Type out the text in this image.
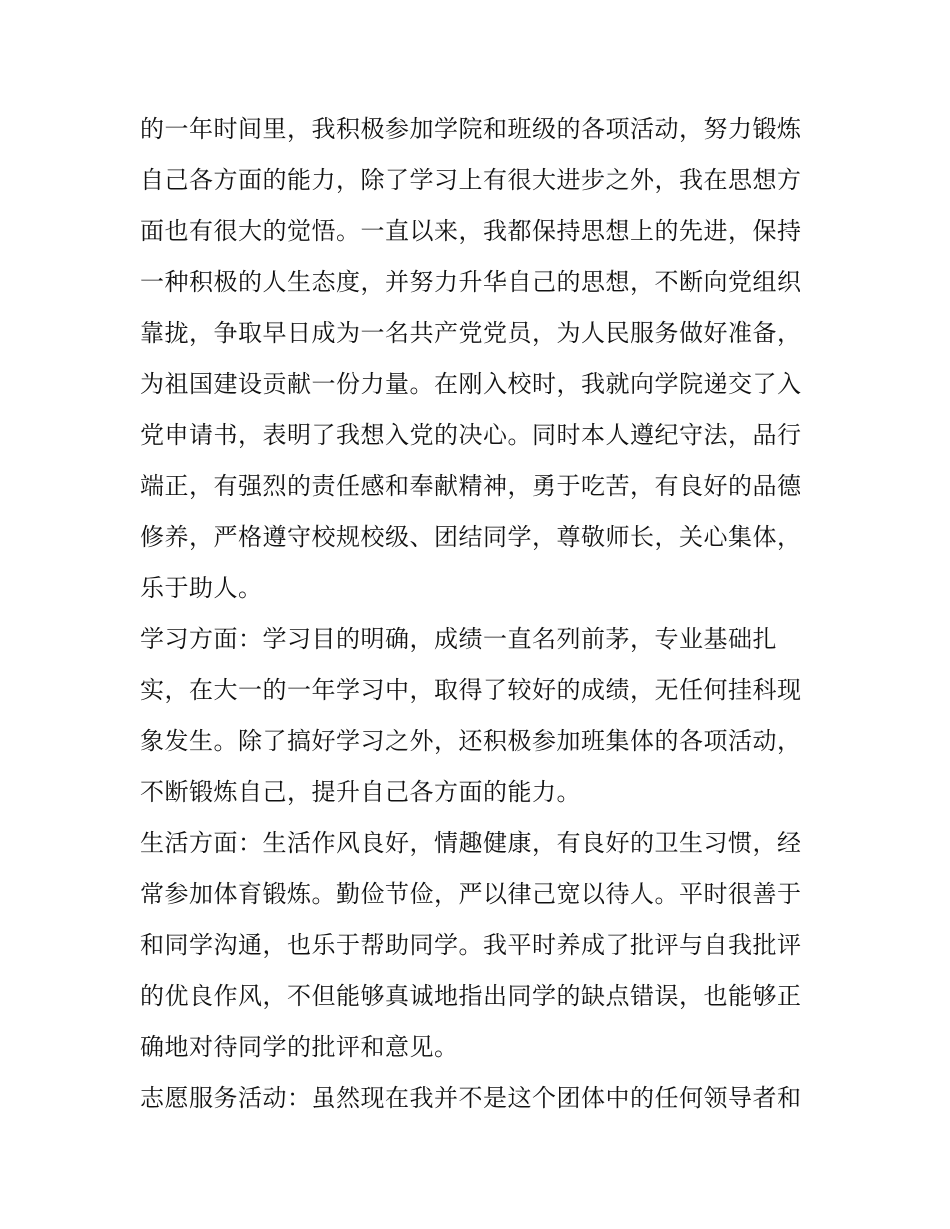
的一年时间里，我积极参加学院和班级的各项活动，努力锻炼
自己各方面的能力，除了学习上有很大进步之外，我在思想方
面也有很大的觉悟。一直以来，我都保持思想上的先进，保持
一种积极的人生态度，并努力升华自己的思想，不断向党组织
靠拢，争取早日成为一名共产党党员，为人民服务做好准备，
为祖国建设贡献一份力量。在刚入校时，我就向学院递交了入
党申请书，表明了我想入党的决心。同时本人遵纪守法，品行
端正，有强烈的责任感和奉献精神，勇于吃苦，有良好的品德
修养，严格遵守校规校级、团结同学，尊敬师长，关心集体，
乐于助人。
学习方面：学习目的明确，成绩一直名列前茅，专业基础扎
实，在大一的一年学习中，取得了较好的成绩，无任何挂科现
象发生。除了搞好学习之外，还积极参加班集体的各项活动，
不断锻炼自己，提升自己各方面的能力。
生活方面：生活作风良好，情趣健康，有良好的卫生习惯，经
常参加体育锻炼。勤俭节俭，严以律己宽以待人。平时很善于
和同学沟通，也乐于帮助同学。我平时养成了批评与自我批评
的优良作风，不但能够真诚地指出同学的缺点错误，也能够正
确地对待同学的批评和意见。
志愿服务活动：虽然现在我并不是这个团体中的任何领导者和
